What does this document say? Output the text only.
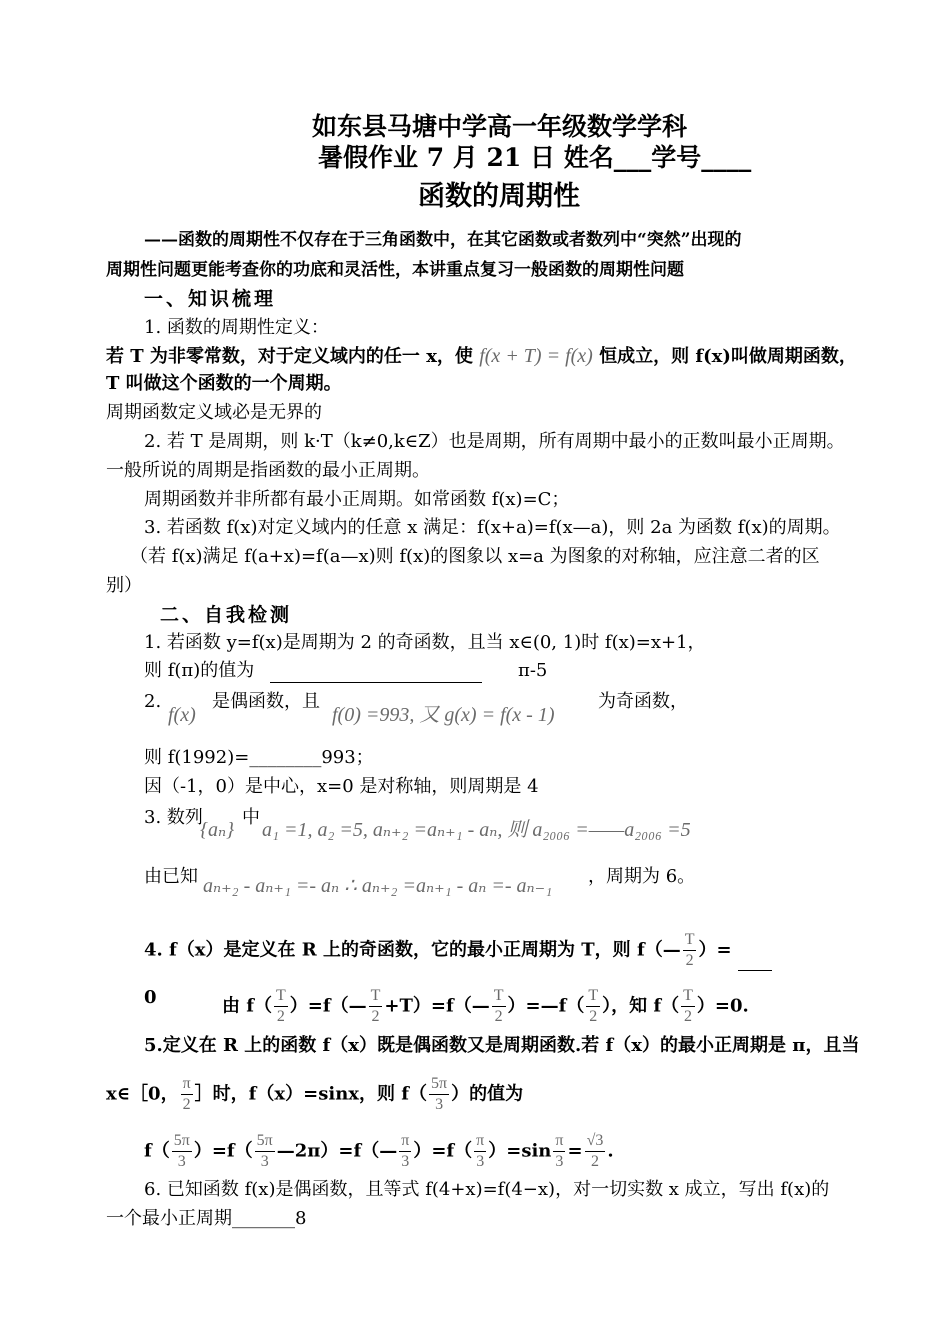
如东县马塘中学高一年级数学学科
暑假作业 7 月 21 日 姓名___学号____
函数的周期性
——函数的周期性不仅存在于三角函数中，在其它函数或者数列中“突然”出现的
周期性问题更能考查你的功底和灵活性，本讲重点复习一般函数的周期性问题
一、知识梳理
1. 函数的周期性定义：
若 T 为非零常数，对于定义域内的任一 x，使 f(x + T) = f(x) 恒成立，则 f(x)叫做周期函数，
T 叫做这个函数的一个周期。
周期函数定义域必是无界的
2. 若 T 是周期，则 k·T（k≠0,k∈Z）也是周期，所有周期中最小的正数叫最小正周期。
一般所说的周期是指函数的最小正周期。
周期函数并非所都有最小正周期。如常函数 f(x)=C；
3. 若函数 f(x)对定义域内的任意 x 满足：f(x+a)=f(x—a)，则 2a 为函数 f(x)的周期。
（若 f(x)满足 f(a+x)=f(a—x)则 f(x)的图象以 x=a 为图象的对称轴，应注意二者的区
别）
二、自我检测
1. 若函数 y=f(x)是周期为 2 的奇函数，且当 x∈(0, 1)时 f(x)=x+1，
则 f(π)的值为	π-5
2.
f(x)
是偶函数，且
f(0) =993, 又 g(x) = f(x - 1)
为奇函数，
则 f(1992)=________993；
因（-1，0）是中心，x=0 是对称轴，则周期是 4
3. 数列
{aₙ}
中
a₁ =1, a₂ =5, aₙ₊₂ =aₙ₊₁ - aₙ, 则 a₂₀₀₆ =——a₂₀₀₆ =5
由已知 aₙ₊₂ - aₙ₊₁ =- aₙ ∴ aₙ₊₂ =aₙ₊₁ - aₙ =- aₙ₋₁ ，周期为 6。
4. f（x）是定义在 R 上的奇函数，它的最小正周期为 T，则 f（— $\frac{T}{2}$ ）=
0	由 $f( \frac{T}{2}$ ）=f（— $\frac{T}{2}$ +T）=f（— $\frac{T}{2}$ ）=—f（ $\frac{T}{2}$ ），知 $f( \frac{T}{2} )=0$.
5.定义在 R 上的函数 f（x）既是偶函数又是周期函数.若 f（x）的最小正周期是 π，且当
x∈［0， $\frac{\pi}{2}$ ］时，f（x）=sinx，则 $f( \frac{5\pi}{3}$ ）的值为
$f( \frac{5\pi}{3} )=f( \frac{5\pi}{3}$ —2π）=f（— $\frac{\pi}{3} )=f( \frac{\pi}{3} )=\sin \frac{\pi}{3} = \frac{√3}{2}$ .
6. 已知函数 f(x)是偶函数，且等式 f(4+x)=f(4−x)，对一切实数 x 成立，写出 f(x)的
一个最小正周期_______8
